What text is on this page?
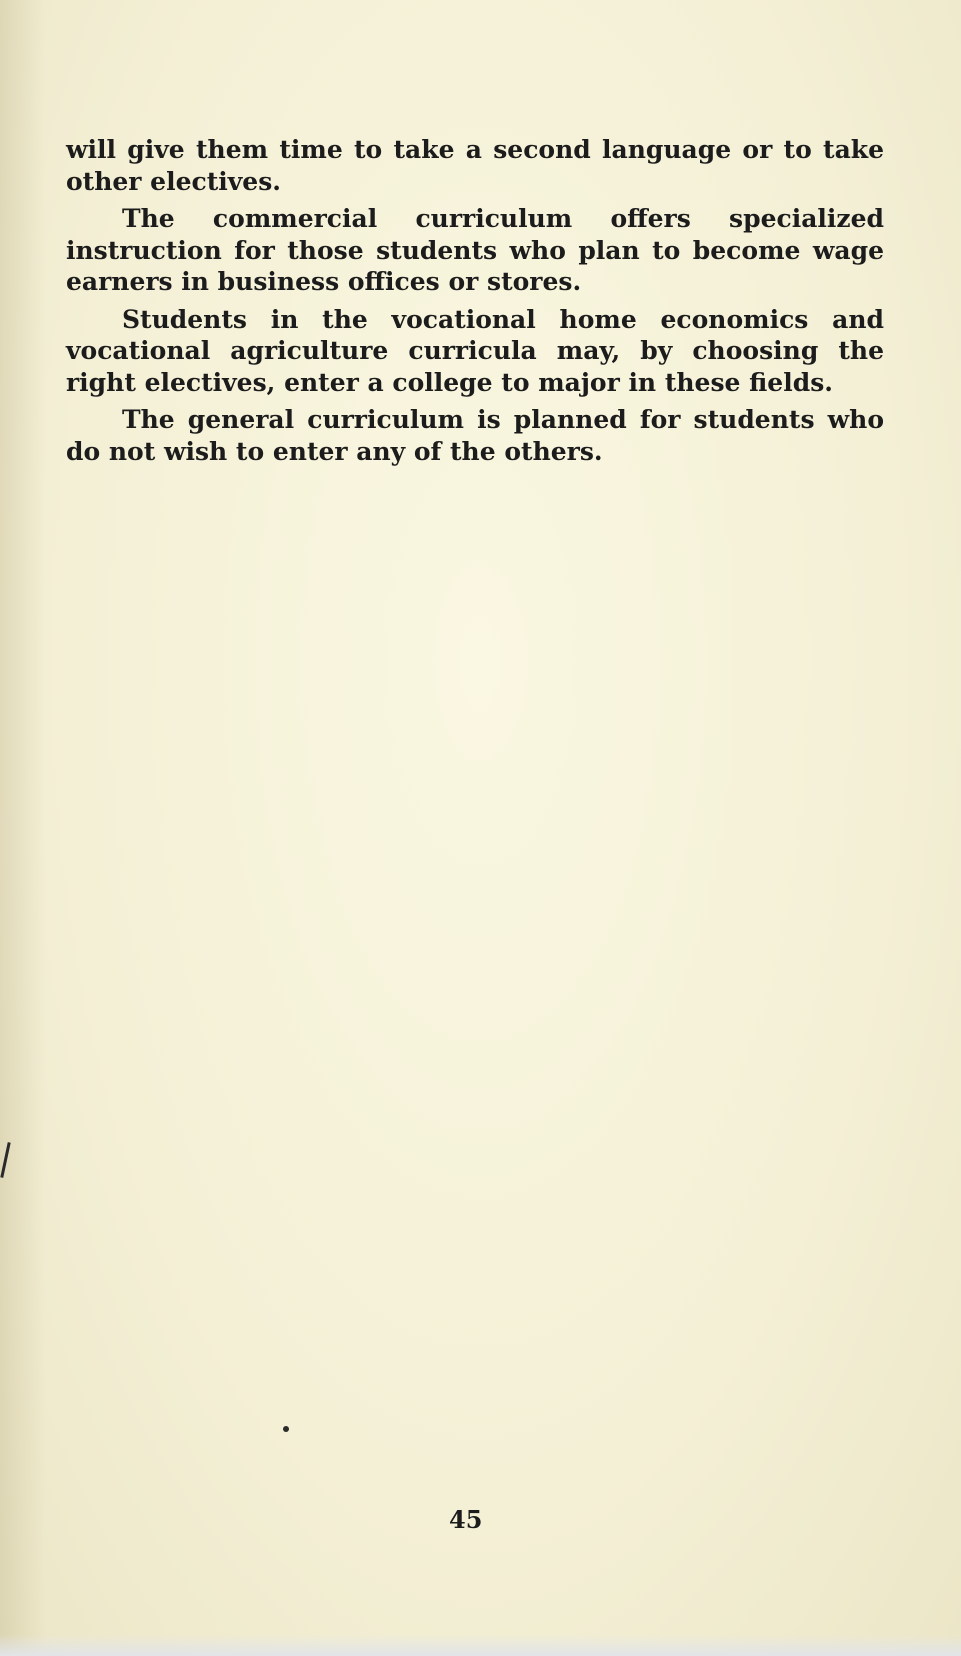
will give them time to take a second language or to take other electives.

The commercial curriculum offers specialized instruction for those students who plan to become wage earners in business offices or stores.

Students in the vocational home economics and vocational agriculture curricula may, by choosing the right electives, enter a college to major in these fields.

The general curriculum is planned for students who do not wish to enter any of the others.

45
